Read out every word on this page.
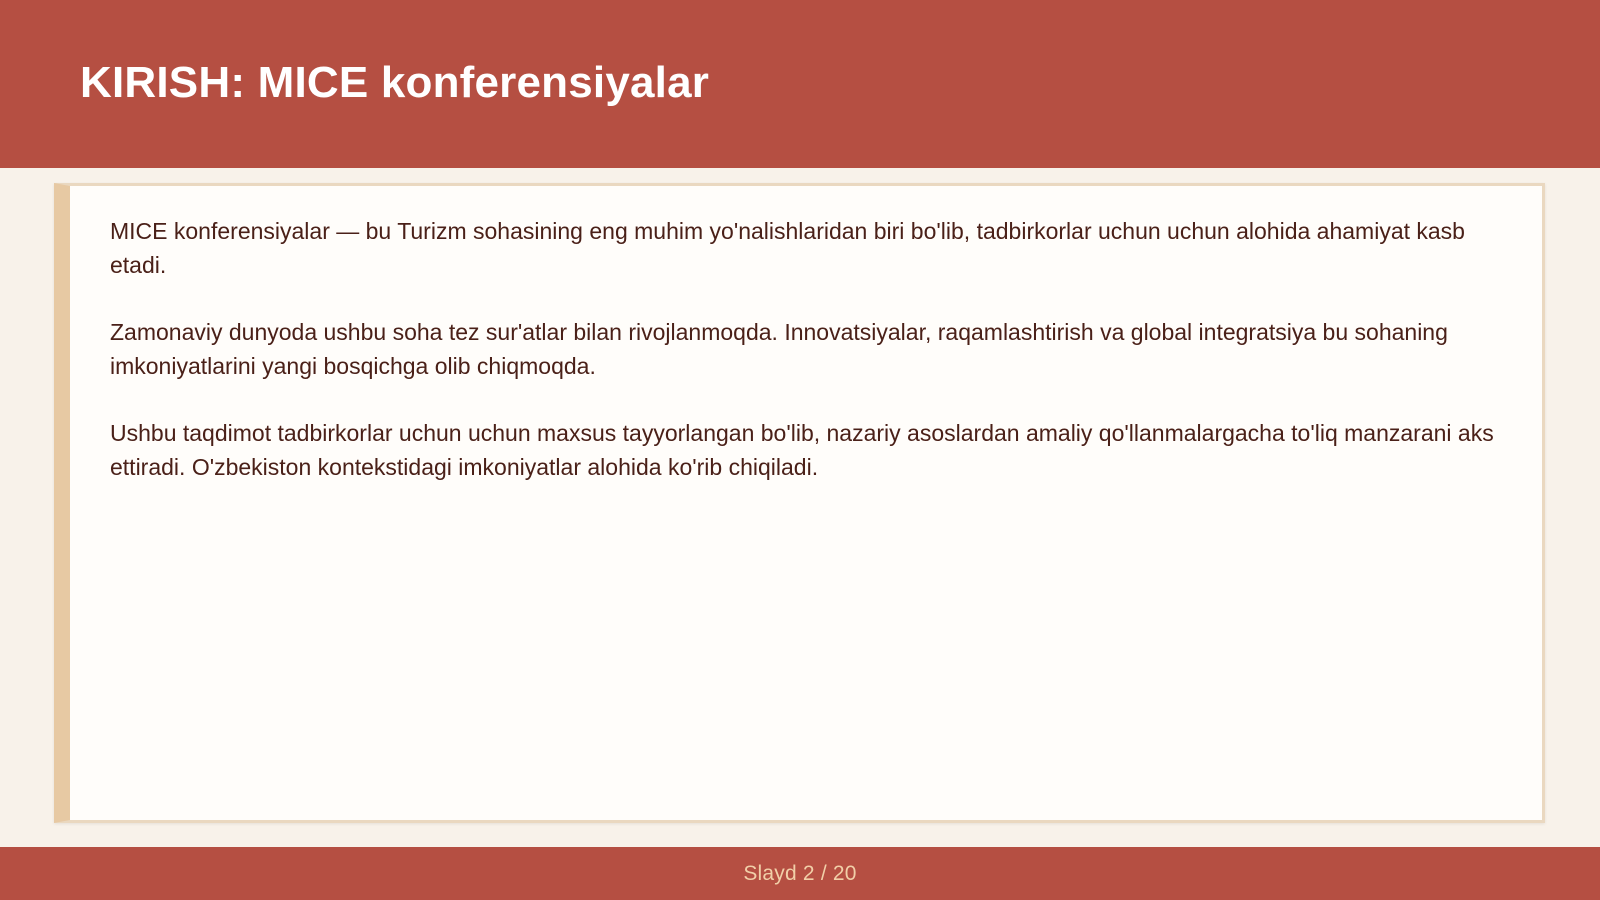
KIRISH: MICE konferensiyalar

MICE konferensiyalar — bu Turizm sohasining eng muhim yo'nalishlaridan biri bo'lib, tadbirkorlar uchun uchun alohida ahamiyat kasb etadi.

Zamonaviy dunyoda ushbu soha tez sur'atlar bilan rivojlanmoqda. Innovatsiyalar, raqamlashtirish va global integratsiya bu sohaning imkoniyatlarini yangi bosqichga olib chiqmoqda.

Ushbu taqdimot tadbirkorlar uchun uchun maxsus tayyorlangan bo'lib, nazariy asoslardan amaliy qo'llanmalargacha to'liq manzarani aks ettiradi. O'zbekiston kontekstidagi imkoniyatlar alohida ko'rib chiqiladi.

Slayd 2 / 20
